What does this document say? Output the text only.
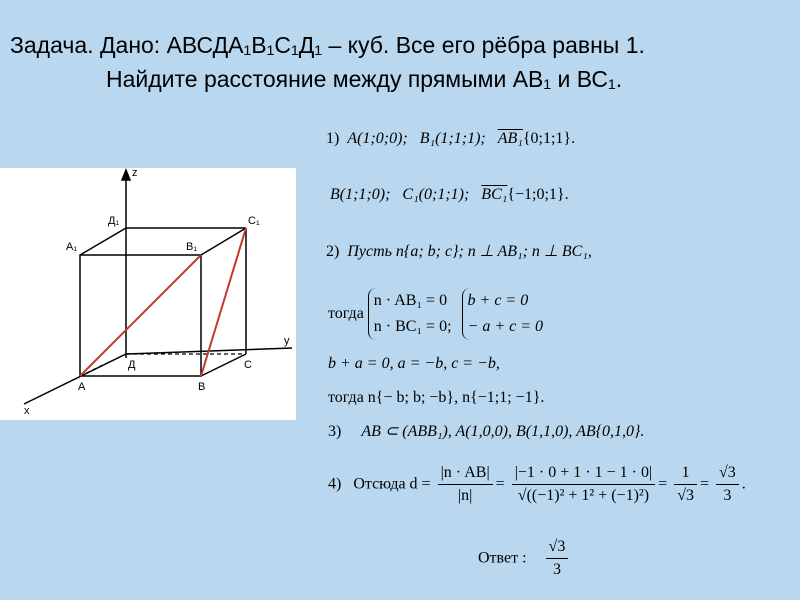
Задача. Дано: АВСДА₁В₁С₁Д₁ – куб. Все его рёбра равны 1.
Найдите расстояние между прямыми АВ₁ и ВС₁.
z
y
x
A₁
Д₁
B₁
C₁
A
Д
B
C
1) A(1;0;0); B₁(1;1;1); AB₁{0;1;1}.
B(1;1;0); C₁(0;1;1); BC₁{−1;0;1}.
2) Пусть n{a; b; c}; n ⊥ AB₁; n ⊥ BC₁,
тогда
n · AB₁ = 0
n · BC₁ = 0;

b + c = 0
− a + c = 0
b + a = 0, a = −b, c = −b,
тогда n{− b; b; −b}, n{−1;1; −1}.
3) AB ⊂ (ABB₁), A(1,0,0), B(1,1,0), AB{0,1,0}.
4) Отсюда $d = \frac{|n \cdot AB|}{|n|} = \frac{|-1 \cdot 0 + 1 \cdot 1 - 1 \cdot 0|}{\text{√((−1)² + 1² + (−1)²)}} = \frac{1}{√3} = \frac{√3}{3}$ .
Ответ : $\frac{√3}{3}$
